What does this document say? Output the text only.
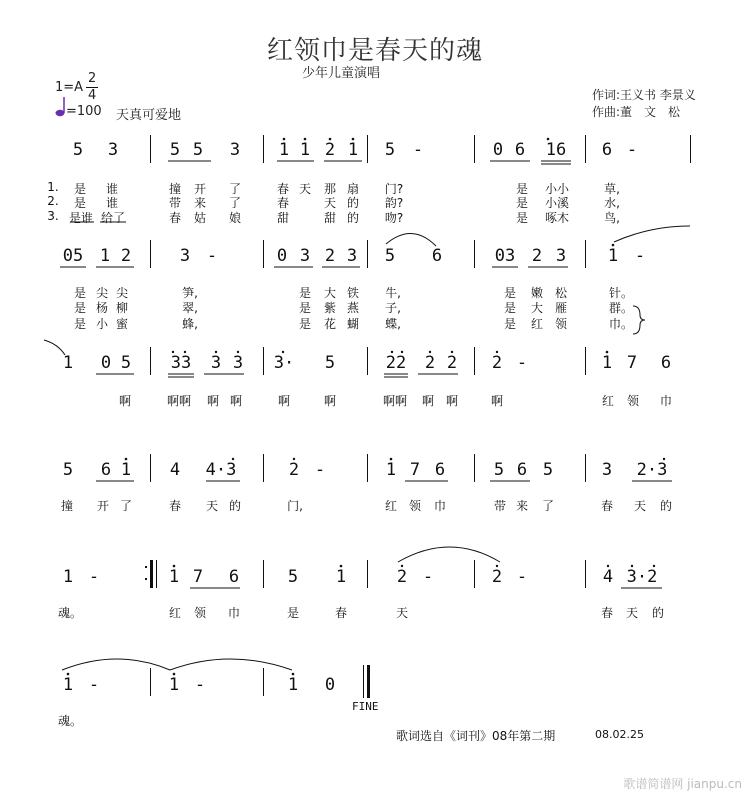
红领巾是春天的魂
少年儿童演唱
1=A
2
4
=100 天真可爱地
作词:王义书 李景义
作曲:董　文　松
5 3	5 5 3 1 1 2 1 5 -	0 6 16 6 -
1.
2.
3.
是	谁	撞	开	了	春 天	那 扇	门?	是	小小	草,
是	谁	带	来	了	春	天 的	韵?	是	小溪	水,
是谁 给了	春	姑	娘	甜	甜 的	吻?	是	啄木	鸟,
05 1 2	3 -	0 3 2 3 5 6	03 2 3 1 -
是 尖 尖	笋,	是	大 铁	牛,	是	嫩 松	针。
是 杨 柳	翠,	是	紫 燕	子,	是	大 雁	群。
是 小 蜜	蜂,	是	花 蝴	蝶,	是	红 领	巾。
1 0 5 33 3 3 3· 5	22 2 2 2 -	1 7 6
啊	啊啊	啊 啊	啊	啊	啊啊	啊 啊	啊	红	领	巾
5 6 1 4 4·3	2 -	1 7 6	5 6 5	3	2·3
撞	开 了	春	天 的	门,	红 领	巾	带 来	了	春	天	的
1 -	1 7 6	5 1	2 -	2 -	4 3·2
魂。	红	领	巾	是	春	天	春	天	的
1 -	1 -	1 0
FINE
魂。
歌词选自《词刊》08年第二期	08.02.25
歌谱简谱网 jianpu.cn
